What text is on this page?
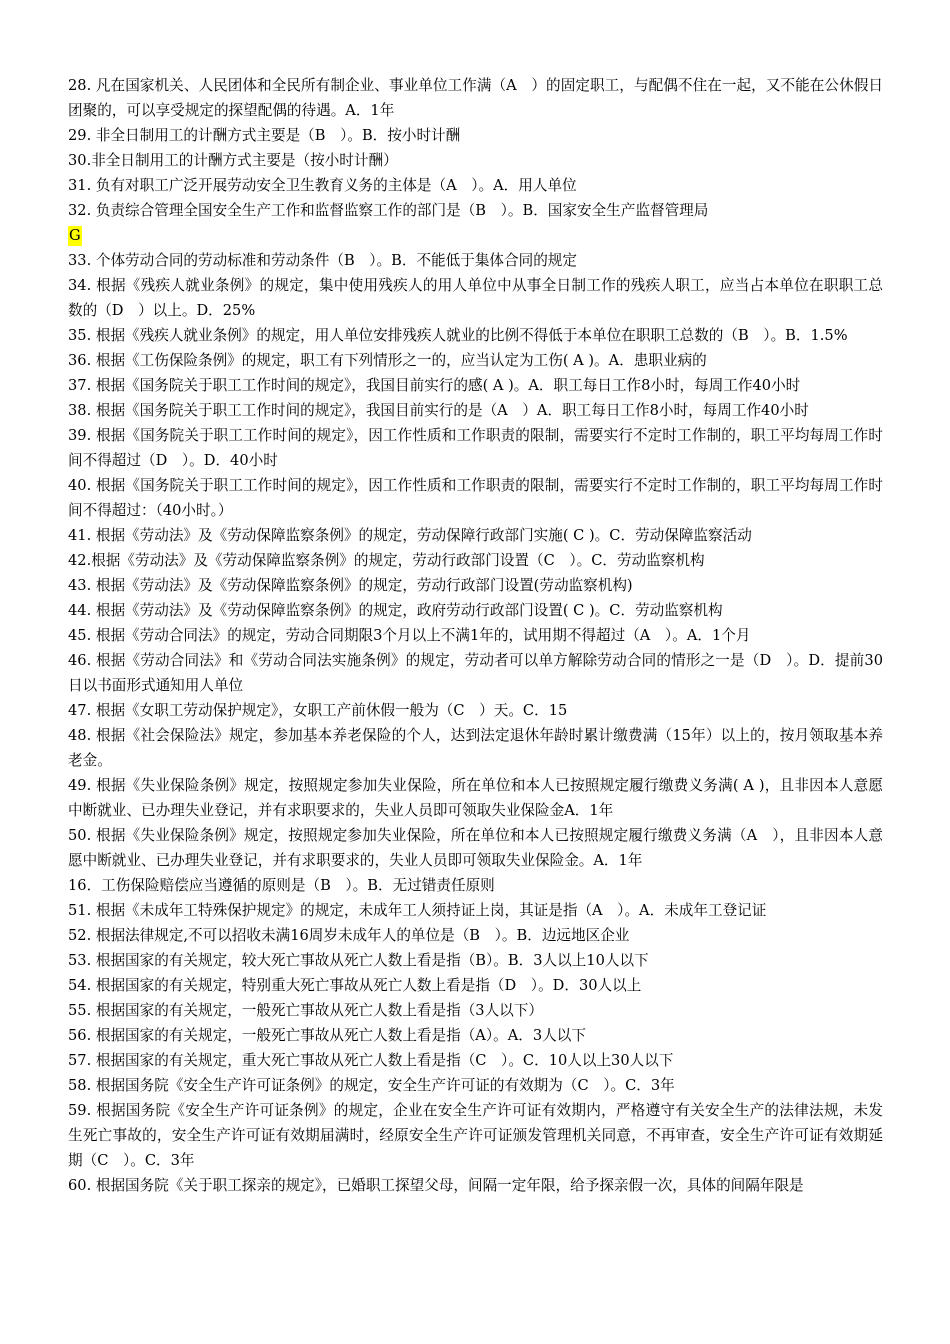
28. 凡在国家机关、人民团体和全民所有制企业、事业单位工作满（A　）的固定职工，与配偶不住在一起，又不能在公休假日团聚的，可以享受规定的探望配偶的待遇。A．1年

29. 非全日制用工的计酬方式主要是（B　）。B．按小时计酬

30.非全日制用工的计酬方式主要是（按小时计酬）

31. 负有对职工广泛开展劳动安全卫生教育义务的主体是（A　）。A．用人单位

32. 负责综合管理全国安全生产工作和监督监察工作的部门是（B　）。B．国家安全生产监督管理局

G

33. 个体劳动合同的劳动标准和劳动条件（B　）。B．不能低于集体合同的规定

34. 根据《残疾人就业条例》的规定，集中使用残疾人的用人单位中从事全日制工作的残疾人职工，应当占本单位在职职工总数的（D　）以上。D．25%

35. 根据《残疾人就业条例》的规定，用人单位安排残疾人就业的比例不得低于本单位在职职工总数的（B　）。B．1.5%

36. 根据《工伤保险条例》的规定，职工有下列情形之一的，应当认定为工伤( A )。A．患职业病的

37. 根据《国务院关于职工工作时间的规定》，我国目前实行的感( A )。A．职工每日工作8小时，每周工作40小时

38. 根据《国务院关于职工工作时间的规定》，我国目前实行的是（A　）A．职工每日工作8小时，每周工作40小时

39. 根据《国务院关于职工工作时间的规定》，因工作性质和工作职责的限制，需要实行不定时工作制的，职工平均每周工作时间不得超过（D　）。D．40小时

40. 根据《国务院关于职工工作时间的规定》，因工作性质和工作职责的限制，需要实行不定时工作制的，职工平均每周工作时间不得超过：（40小时。）

41. 根据《劳动法》及《劳动保障监察条例》的规定，劳动保障行政部门实施( C )。C．劳动保障监察活动

42.根据《劳动法》及《劳动保障监察条例》的规定，劳动行政部门设置（C　）。C．劳动监察机构

43. 根据《劳动法》及《劳动保障监察条例》的规定，劳动行政部门设置(劳动监察机构)

44. 根据《劳动法》及《劳动保障监察条例》的规定，政府劳动行政部门设置( C )。C．劳动监察机构

45. 根据《劳动合同法》的规定，劳动合同期限3个月以上不满1年的，试用期不得超过（A　）。A．1个月

46. 根据《劳动合同法》和《劳动合同法实施条例》的规定，劳动者可以单方解除劳动合同的情形之一是（D　）。D．提前30日以书面形式通知用人单位

47. 根据《女职工劳动保护规定》，女职工产前休假一般为（C　）天。C．15

48. 根据《社会保险法》规定，参加基本养老保险的个人，达到法定退休年龄时累计缴费满（15年）以上的，按月领取基本养老金。

49. 根据《失业保险条例》规定，按照规定参加失业保险，所在单位和本人已按照规定履行缴费义务满( A )，且非因本人意愿中断就业、已办理失业登记，并有求职要求的，失业人员即可领取失业保险金A．1年

50. 根据《失业保险条例》规定，按照规定参加失业保险，所在单位和本人已按照规定履行缴费义务满（A　），且非因本人意愿中断就业、已办理失业登记，并有求职要求的，失业人员即可领取失业保险金。A．1年

16．工伤保险赔偿应当遵循的原则是（B　）。B．无过错责任原则

51. 根据《未成年工特殊保护规定》的规定，未成年工人须持证上岗，其证是指（A　）。A．未成年工登记证

52. 根据法律规定,不可以招收未满16周岁未成年人的单位是（B　）。B．边远地区企业

53. 根据国家的有关规定，较大死亡事故从死亡人数上看是指（B）。B．3人以上10人以下

54. 根据国家的有关规定，特别重大死亡事故从死亡人数上看是指（D　）。D．30人以上

55. 根据国家的有关规定，一般死亡事故从死亡人数上看是指（3人以下）

56. 根据国家的有关规定，一般死亡事故从死亡人数上看是指（A）。A．3人以下

57. 根据国家的有关规定，重大死亡事故从死亡人数上看是指（C　）。C．10人以上30人以下

58. 根据国务院《安全生产许可证条例》的规定，安全生产许可证的有效期为（C　）。C．3年

59. 根据国务院《安全生产许可证条例》的规定，企业在安全生产许可证有效期内，严格遵守有关安全生产的法律法规，未发生死亡事故的，安全生产许可证有效期届满时，经原安全生产许可证颁发管理机关同意，不再审查，安全生产许可证有效期延期（C　）。C．3年

60. 根据国务院《关于职工探亲的规定》，已婚职工探望父母，间隔一定年限，给予探亲假一次，具体的间隔年限是
